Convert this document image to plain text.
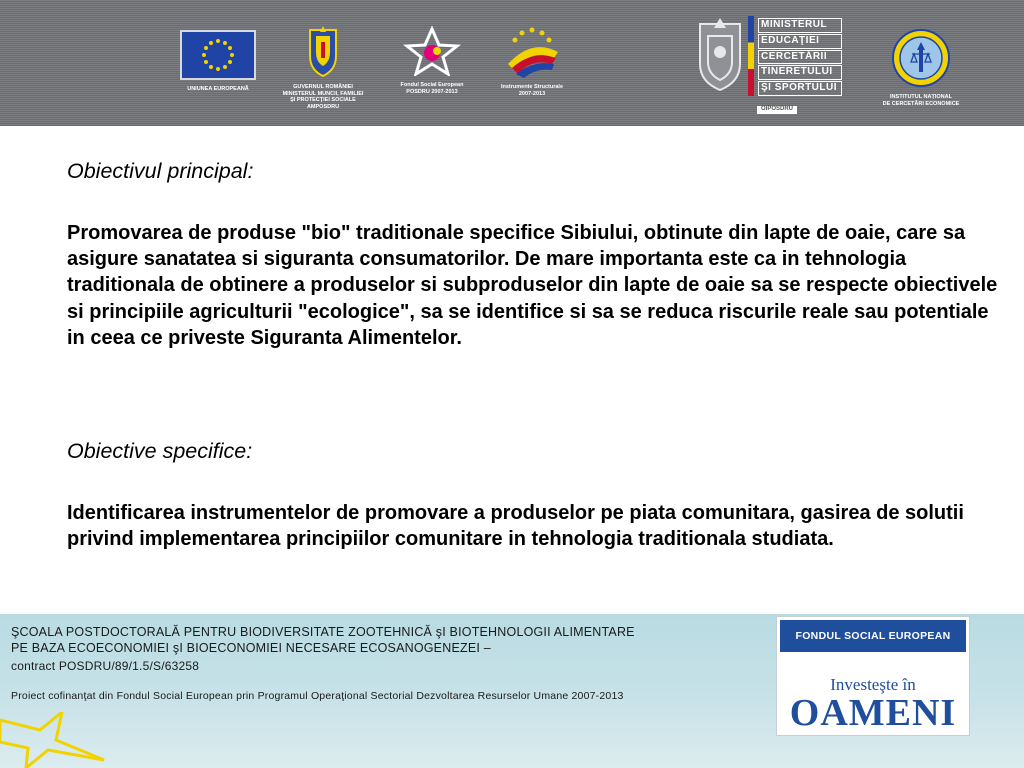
UNIUNEA EUROPEANĂ	GUVERNUL ROMÂNIEI
MINISTERUL MUNCII, FAMILIEI
ŞI PROTECŢIEI SOCIALE
AMPOSDRU
Fondul Social European
POSDRU 2007-2013
Instrumente Structurale
2007-2013
MINISTERUL
EDUCAŢIEI
CERCETĂRII
TINERETULUI
ŞI SPORTULUI
OIPOSDRU
INSTITUTUL NAȚIONAL
DE CERCETĂRI ECONOMICE
Obiectivul principal:
Promovarea de produse "bio" traditionale specifice Sibiului, obtinute din lapte de oaie, care sa asigure sanatatea si siguranta consumatorilor. De mare importanta este ca in tehnologia traditionala de obtinere a produselor si subproduselor din lapte de oaie sa se respecte obiectivele si principiile agriculturii "ecologice", sa se identifice si sa se reduca riscurile reale sau potentiale in ceea ce priveste Siguranta Alimentelor.
Obiective specifice:
Identificarea instrumentelor de promovare a produselor pe piata comunitara, gasirea de solutii privind implementarea principiilor comunitare in tehnologia traditionala studiata.
ŞCOALA POSTDOCTORALĂ PENTRU BIODIVERSITATE ZOOTEHNICĂ şI BIOTEHNOLOGII ALIMENTARE
PE BAZA ECOECONOMIEI şI BIOECONOMIEI NECESARE ECOSANOGENEZEI –
contract POSDRU/89/1.5/S/63258
Proiect cofinanţat din Fondul Social European prin Programul Operaţional Sectorial Dezvoltarea Resurselor Umane 2007-2013
FONDUL SOCIAL EUROPEAN
Investeşte în
OAMENI
